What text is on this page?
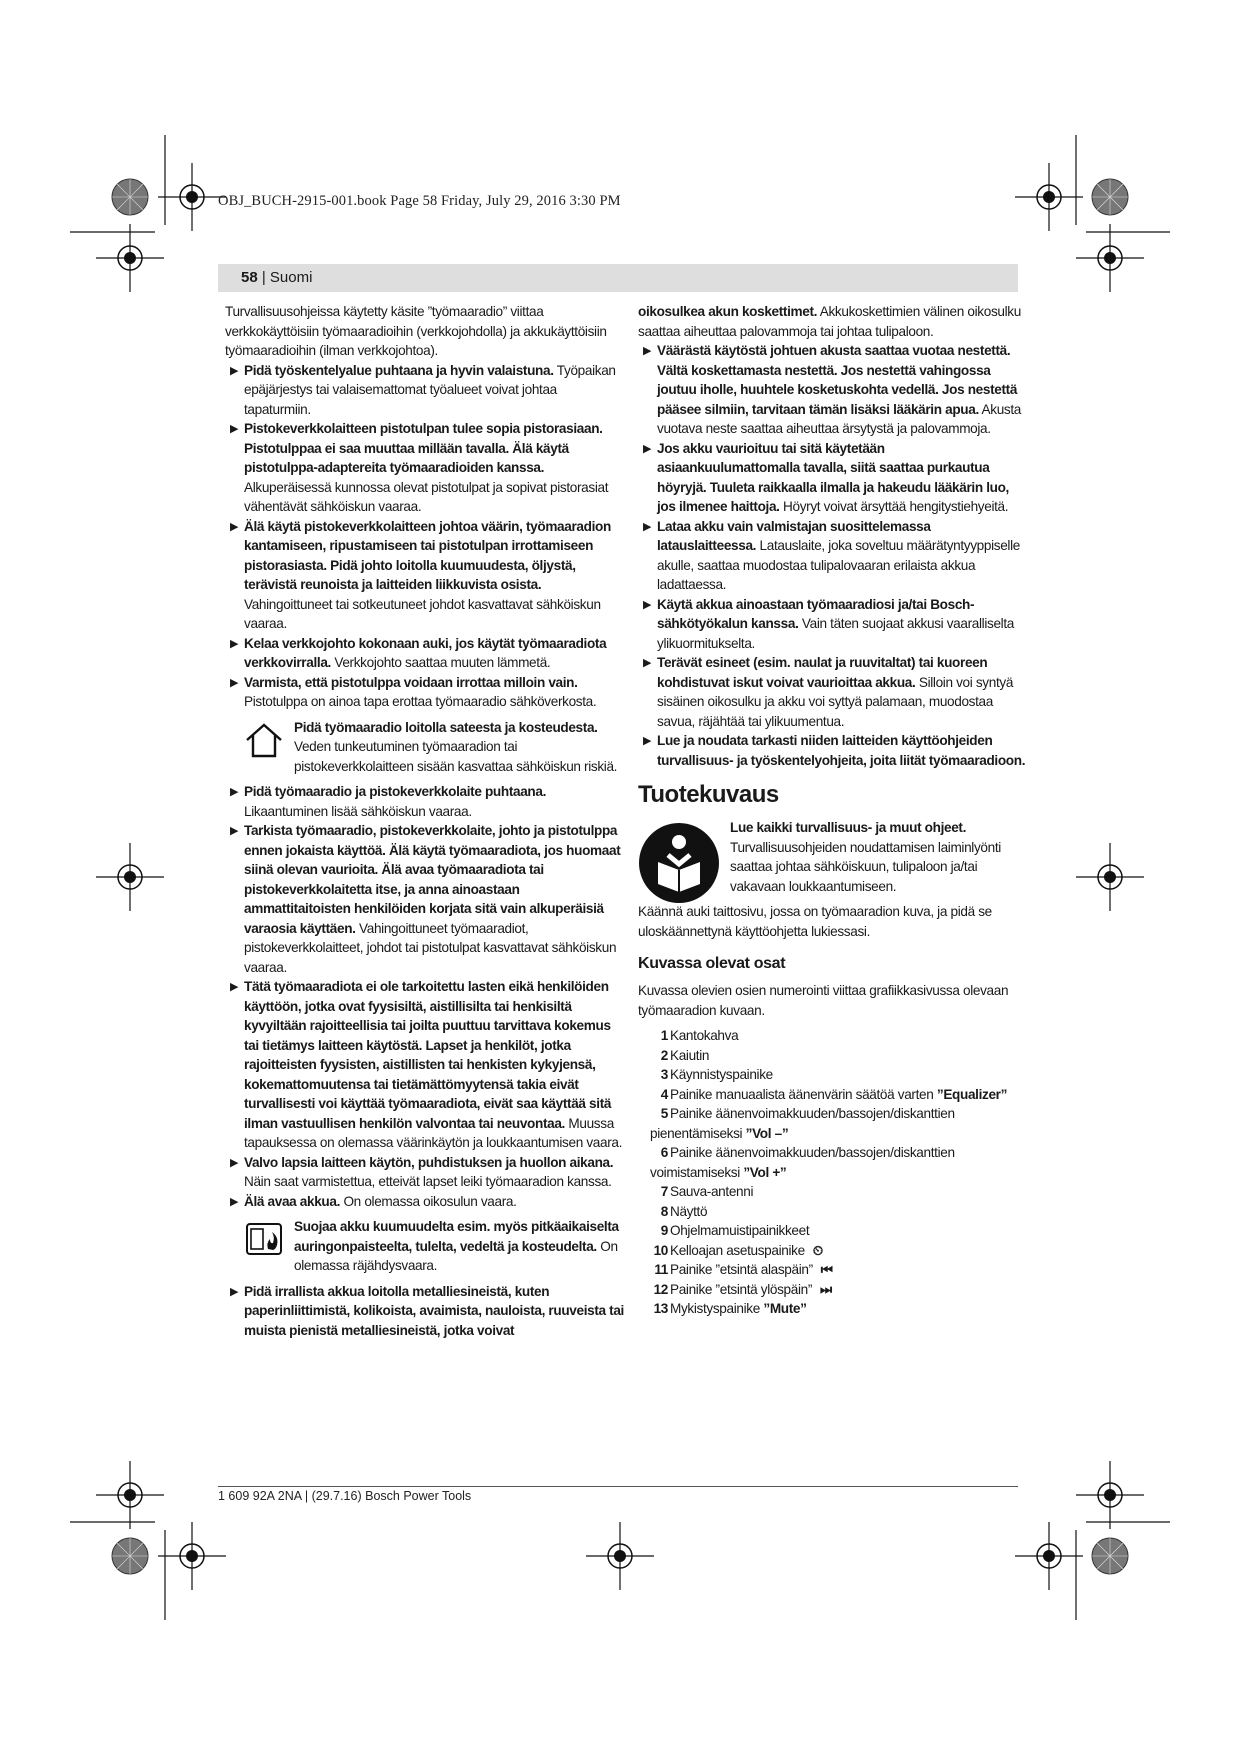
OBJ_BUCH-2915-001.book Page 58 Friday, July 29, 2016 3:30 PM
58 | Suomi

Turvallisuusohjeissa käytetty käsite ”työmaaradio” viittaa verkkokäyttöisiin työmaaradioihin (verkkojohdolla) ja akkukäyttöisiin työmaaradioihin (ilman verkkojohtoa).

▶ Pidä työskentelyalue puhtaana ja hyvin valaistuna. Työpaikan epäjärjestys tai valaisemattomat työalueet voivat johtaa tapaturmiin.

▶ Pistokeverkkolaitteen pistotulpan tulee sopia pistorasiaan. Pistotulppaa ei saa muuttaa millään tavalla. Älä käytä pistotulppa-adaptereita työmaaradioiden kanssa. Alkuperäisessä kunnossa olevat pistotulpat ja sopivat pistorasiat vähentävät sähköiskun vaaraa.

▶ Älä käytä pistokeverkkolaitteen johtoa väärin, työmaaradion kantamiseen, ripustamiseen tai pistotulpan irrottamiseen pistorasiasta. Pidä johto loitolla kuumuudesta, öljystä, terävistä reunoista ja laitteiden liikkuvista osista. Vahingoittuneet tai sotkeutuneet johdot kasvattavat sähköiskun vaaraa.

▶ Kelaa verkkojohto kokonaan auki, jos käytät työmaaradiota verkkovirralla. Verkkojohto saattaa muuten lämmetä.

▶ Varmista, että pistotulppa voidaan irrottaa milloin vain. Pistotulppa on ainoa tapa erottaa työmaaradio sähköverkosta.

Pidä työmaaradio loitolla sateesta ja kosteudesta. Veden tunkeutuminen työmaaradion tai pistokeverkkolaitteen sisään kasvattaa sähköiskun riskiä.

▶ Pidä työmaaradio ja pistokeverkkolaite puhtaana. Likaantuminen lisää sähköiskun vaaraa.

▶ Tarkista työmaaradio, pistokeverkkolaite, johto ja pistotulppa ennen jokaista käyttöä. Älä käytä työmaaradiota, jos huomaat siinä olevan vaurioita. Älä avaa työmaaradiota tai pistokeverkkolaitetta itse, ja anna ainoastaan ammattitaitoisten henkilöiden korjata sitä vain alkuperäisiä varaosia käyttäen. Vahingoittuneet työmaaradiot, pistokeverkkolaitteet, johdot tai pistotulpat kasvattavat sähköiskun vaaraa.

▶ Tätä työmaaradiota ei ole tarkoitettu lasten eikä henkilöiden käyttöön, jotka ovat fyysisiltä, aistillisilta tai henkisiltä kyvyiltään rajoitteellisia tai joilta puuttuu tarvittava kokemus tai tietämys laitteen käytöstä. Lapset ja henkilöt, jotka rajoitteisten fyysisten, aistillisten tai henkisten kykyjensä, kokemattomuutensa tai tietämättömyytensä takia eivät turvallisesti voi käyttää työmaaradiota, eivät saa käyttää sitä ilman vastuullisen henkilön valvontaa tai neuvontaa. Muussa tapauksessa on olemassa väärinkäytön ja loukkaantumisen vaara.

▶ Valvo lapsia laitteen käytön, puhdistuksen ja huollon aikana. Näin saat varmistettua, etteivät lapset leiki työmaaradion kanssa.

▶ Älä avaa akkua. On olemassa oikosulun vaara.

Suojaa akku kuumuudelta esim. myös pitkäaikaiselta auringonpaisteelta, tulelta, vedeltä ja kosteudelta. On olemassa räjähdysvaara.

▶ Pidä irrallista akkua loitolla metalliesineistä, kuten paperinliittimistä, kolikoista, avaimista, nauloista, ruuveista tai muista pienistä metalliesineistä, jotka voivat

oikosulkea akun koskettimet. Akkukoskettimien välinen oikosulku saattaa aiheuttaa palovammoja tai johtaa tulipaloon.

▶ Väärästä käytöstä johtuen akusta saattaa vuotaa nestettä. Vältä koskettamasta nestettä. Jos nestettä vahingossa joutuu iholle, huuhtele kosketuskohta vedellä. Jos nestettä pääsee silmiin, tarvitaan tämän lisäksi lääkärin apua. Akusta vuotava neste saattaa aiheuttaa ärsytystä ja palovammoja.

▶ Jos akku vaurioituu tai sitä käytetään asiaankuulumattomalla tavalla, siitä saattaa purkautua höyryjä. Tuuleta raikkaalla ilmalla ja hakeudu lääkärin luo, jos ilmenee haittoja. Höyryt voivat ärsyttää hengitystiehyeitä.

▶ Lataa akku vain valmistajan suosittelemassa latauslaitteessa. Latauslaite, joka soveltuu määrätyntyyppiselle akulle, saattaa muodostaa tulipalovaaran erilaista akkua ladattaessa.

▶ Käytä akkua ainoastaan työmaaradiosi ja/tai Bosch-sähkötyökalun kanssa. Vain täten suojaat akkusi vaaralliselta ylikuormitukselta.

▶ Terävät esineet (esim. naulat ja ruuvitaltat) tai kuoreen kohdistuvat iskut voivat vaurioittaa akkua. Silloin voi syntyä sisäinen oikosulku ja akku voi syttyä palamaan, muodostaa savua, räjähtää tai ylikuumentua.

▶ Lue ja noudata tarkasti niiden laitteiden käyttöohjeiden turvallisuus- ja työskentelyohjeita, joita liität työmaaradioon.

Tuotekuvaus
Lue kaikki turvallisuus- ja muut ohjeet. Turvallisuusohjeiden noudattamisen laiminlyönti saattaa johtaa sähköiskuun, tulipaloon ja/tai vakavaan loukkaantumiseen.

Käännä auki taittosivu, jossa on työmaaradion kuva, ja pidä se uloskäännettynä käyttöohjetta lukiessasi.

Kuvassa olevat osat

Kuvassa olevien osien numerointi viittaa grafiikkasivussa olevaan työmaaradion kuvaan.

1 Kantokahva

2 Kaiutin

3 Käynnistyspainike

4 Painike manuaalista äänenvärin säätöä varten ”Equalizer”

5 Painike äänenvoimakkuuden/bassojen/diskanttien pienentämiseksi ”Vol –”

6 Painike äänenvoimakkuuden/bassojen/diskanttien voimistamiseksi ”Vol +”

7 Sauva-antenni

8 Näyttö

9 Ohjelmamuistipainikkeet

10 Kelloajan asetuspainike ⏲

11 Painike ”etsintä alaspäin” ⏮

12 Painike ”etsintä ylöspäin” ⏭

13 Mykistyspainike ”Mute”

1 609 92A 2NA | (29.7.16) Bosch Power Tools
